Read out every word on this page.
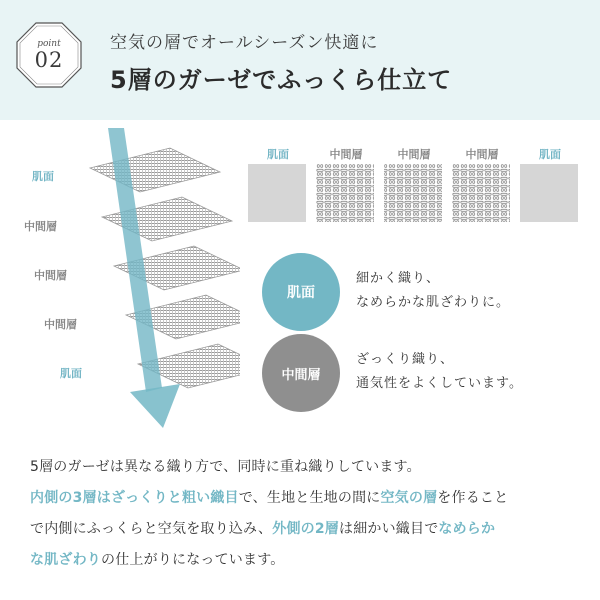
point
02
空気の層でオールシーズン快適に
5層のガーゼでふっくら仕立て
肌面
中間層
中間層
中間層
肌面
肌面	中間層	中間層	中間層	肌面
肌面
細かく織り、
なめらかな肌ざわりに。
中間層
ざっくり織り、
通気性をよくしています。
5層のガーゼは異なる織り方で、同時に重ね織りしています。
内側の3層はざっくりと粗い織目で、生地と生地の間に空気の層を作ること
で内側にふっくらと空気を取り込み、外側の2層は細かい織目でなめらか
な肌ざわりの仕上がりになっています。
